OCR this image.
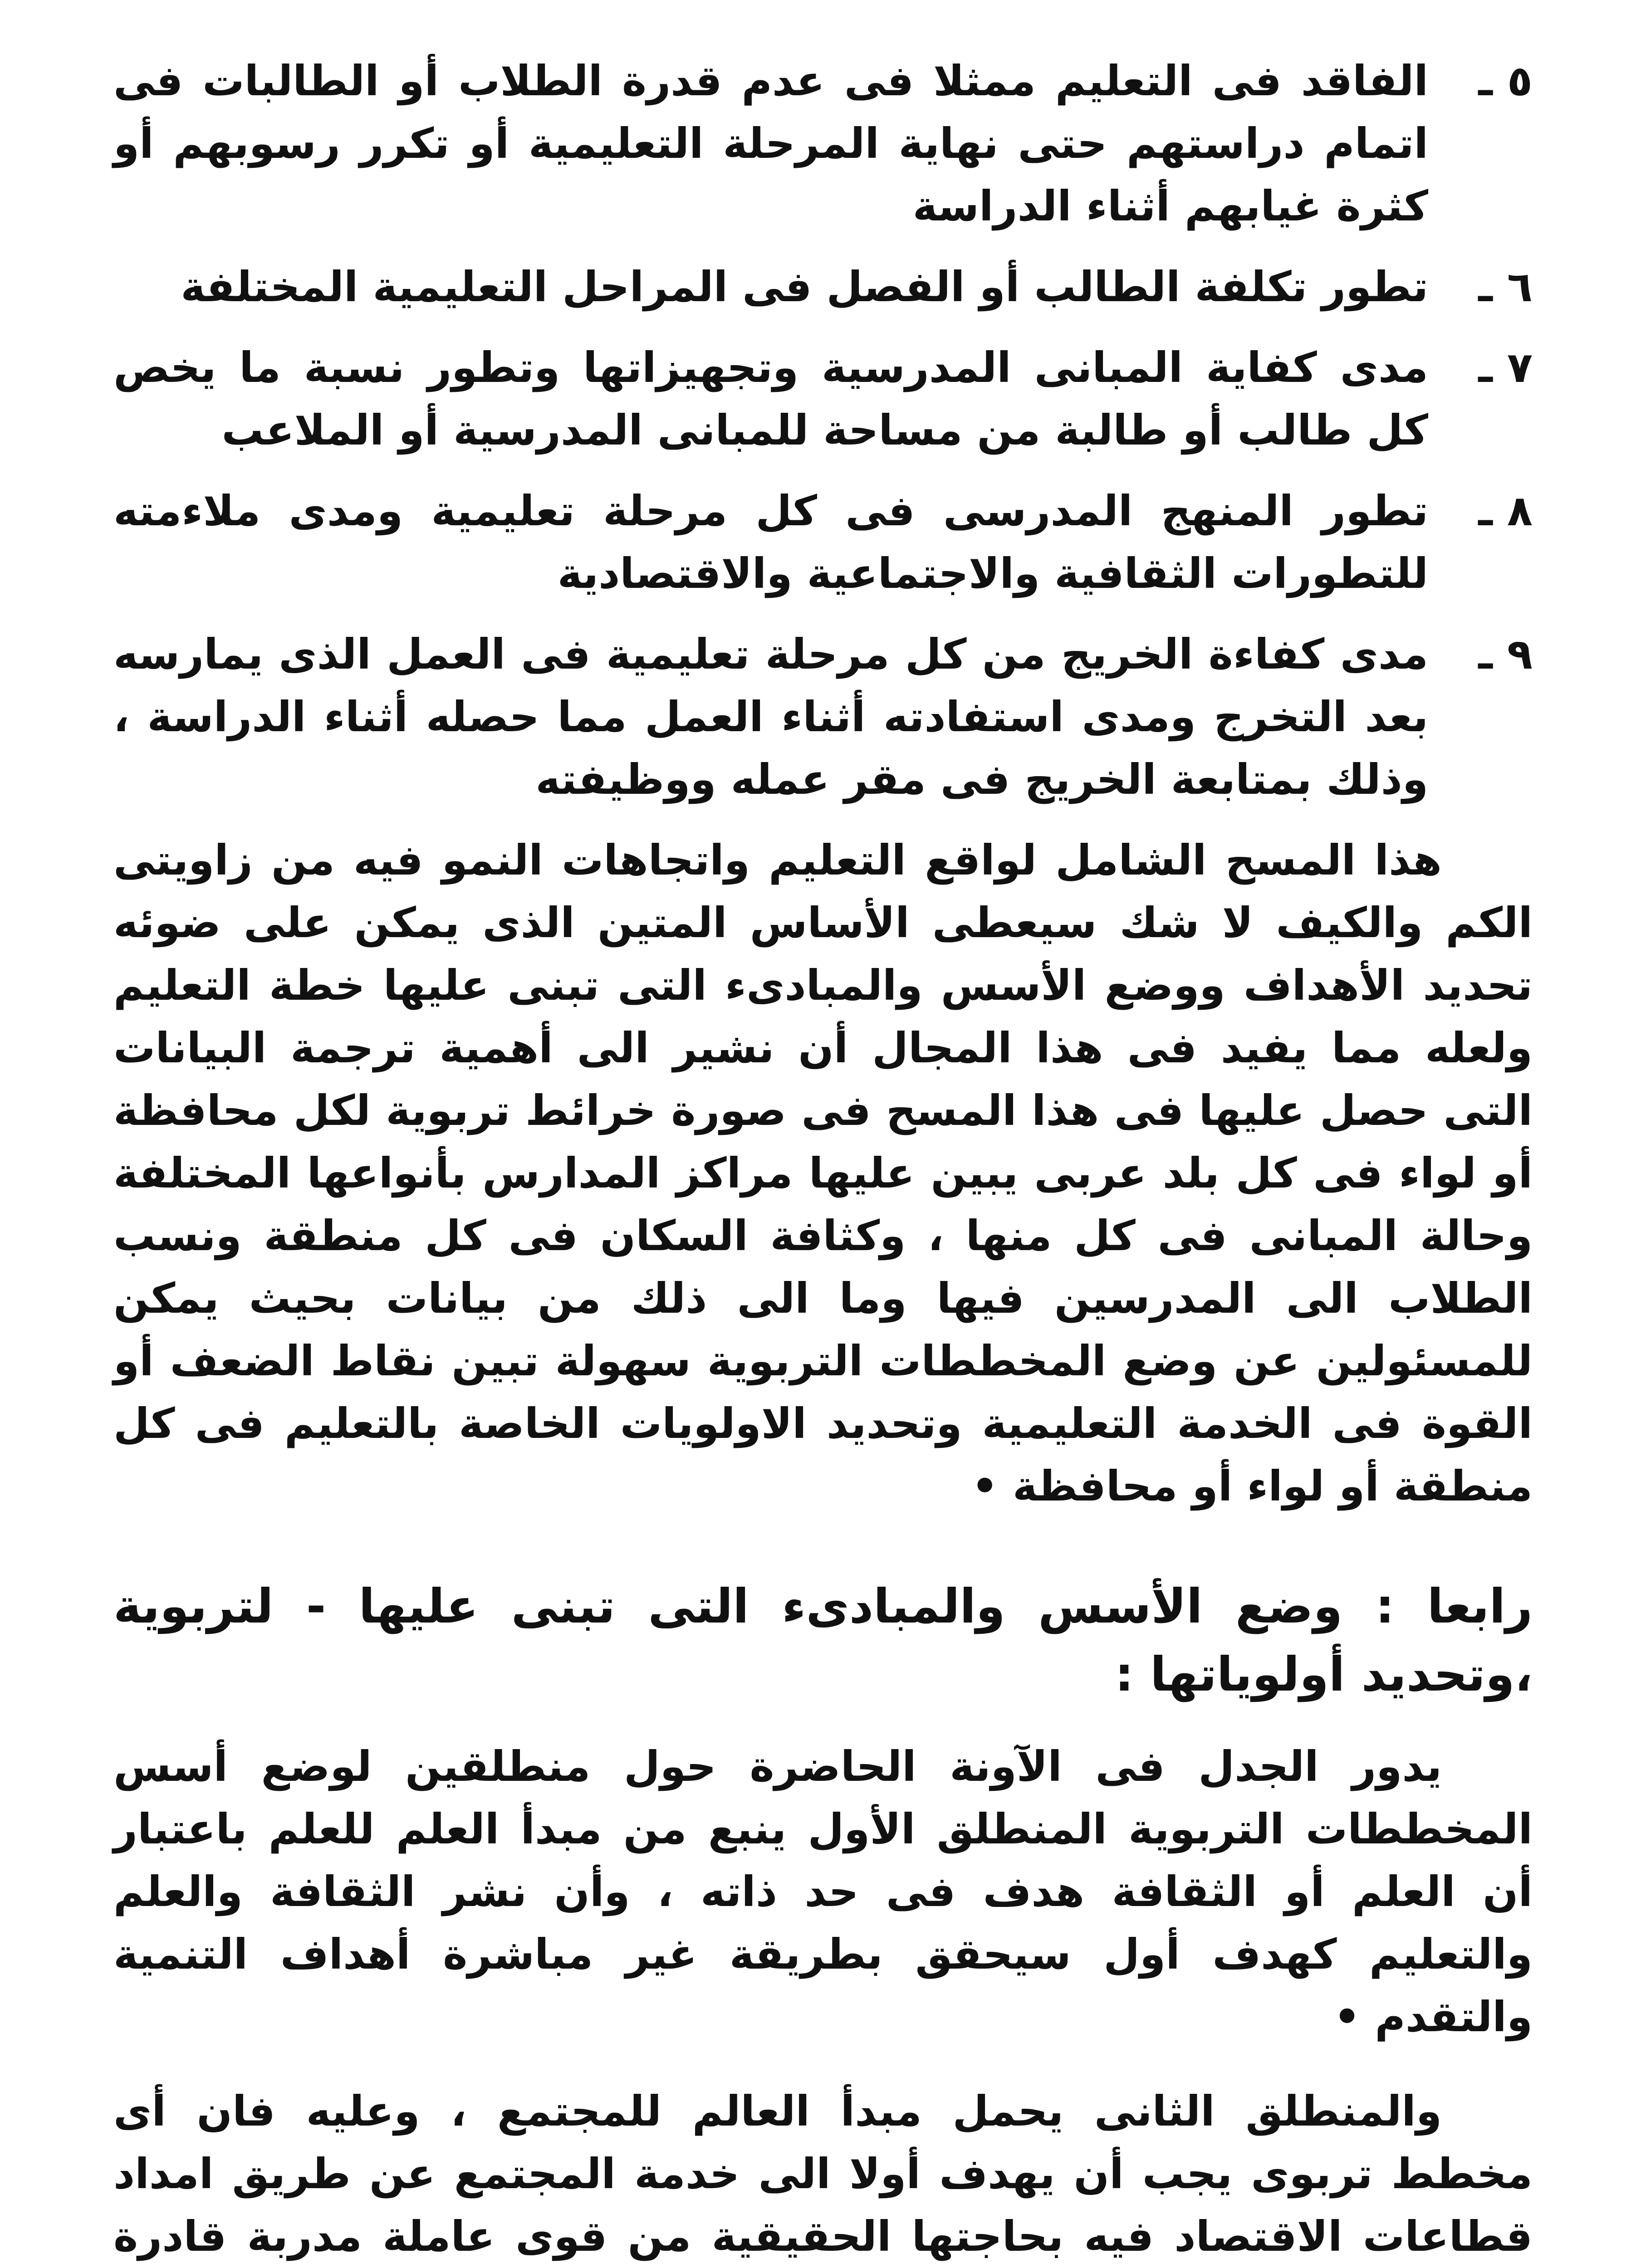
٥ ـ
الفاقد فى التعليم ممثلا فى عدم قدرة الطلاب أو الطالبات فى اتمام دراستهم حتى نهاية المرحلة التعليمية أو تكرر رسوبهم أو كثرة غيابهم أثناء الدراسة
٦ ـ
تطور تكلفة الطالب أو الفصل فى المراحل التعليمية المختلفة
٧ ـ
مدى كفاية المبانى المدرسية وتجهيزاتها وتطور نسبة ما يخص كل طالب أو طالبة من مساحة للمبانى المدرسية أو الملاعب
٨ ـ
تطور المنهج المدرسى فى كل مرحلة تعليمية ومدى ملاءمته للتطورات الثقافية والاجتماعية والاقتصادية
٩ ـ
مدى كفاءة الخريج من كل مرحلة تعليمية فى العمل الذى يمارسه بعد التخرج ومدى استفادته أثناء العمل مما حصله أثناء الدراسة ، وذلك بمتابعة الخريج فى مقر عمله ووظيفته

هذا المسح الشامل لواقع التعليم واتجاهات النمو فيه من زاويتى الكم والكيف لا شك سيعطى الأساس المتين الذى يمكن على ضوئه تحديد الأهداف ووضع الأسس والمبادىء التى تبنى عليها خطة التعليم ولعله مما يفيد فى هذا المجال أن نشير الى أهمية ترجمة البيانات التى حصل عليها فى هذا المسح فى صورة خرائط تربوية لكل محافظة أو لواء فى كل بلد عربى يبين عليها مراكز المدارس بأنواعها المختلفة وحالة المبانى فى كل منها ، وكثافة السكان فى كل منطقة ونسب الطلاب الى المدرسين فيها وما الى ذلك من بيانات بحيث يمكن للمسئولين عن وضع المخططات التربوية سهولة تبين نقاط الضعف أو القوة فى الخدمة التعليمية وتحديد الاولويات الخاصة بالتعليم فى كل منطقة أو لواء أو محافظة •

رابعا : وضع الأسس والمبادىء التى تبنى عليها - لتربوية ،وتحديد أولوياتها :

يدور الجدل فى الآونة الحاضرة حول منطلقين لوضع أسس المخططات التربوية المنطلق الأول ينبع من مبدأ العلم للعلم باعتبار أن العلم أو الثقافة هدف فى حد ذاته ، وأن نشر الثقافة والعلم والتعليم كهدف أول سيحقق بطريقة غير مباشرة أهداف التنمية والتقدم •

والمنطلق الثانى يحمل مبدأ العالم للمجتمع ، وعليه فان أى مخطط تربوى يجب أن يهدف أولا الى خدمة المجتمع عن طريق امداد قطاعات الاقتصاد فيه بحاجتها الحقيقية من قوى عاملة مدربة قادرة
